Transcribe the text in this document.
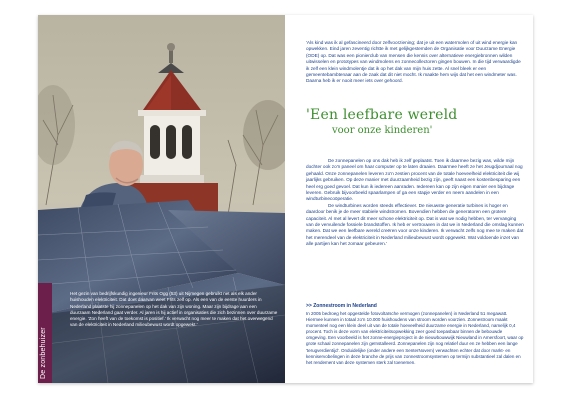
De zonbehuizer
Het gezin van bedrijfskundig ingenieur Frits Ogg (53) uit Nijmegen gebruikt net als elk ander huishouden elektriciteit. Dat doet daarvan weet Frits zelf op. Als een van de eerste huurders in Nederland plaatste hij zonnepanelen op het dak van zijn woning. Maar zijn bijdrage aan een duurzaam Nederland gaat verder. Al jaren is hij actief in organisaties die zich bezinnen over duurzame energie. 'Zon heeft van de toekomst is positief.' Ik verwacht nog meer te maken dat het overwegend van de elektriciteit in Nederland milieubewust wordt opgewekt.'
'Als kind was ik al gefascineerd door zelfvoorziening; dat je uit een watermolen of uit wind energie kan opwekken. Eind jaren zeventig richtte ik met gelijkgestemden de Organisatie voor Duurzame Energie (ODE) op. Dat was een pionierclub van mensen die kennis over alternatieve energiebronnen wilden uitwisselen en prototypes van windmolens en zonnecollectoren gingen bouwen. In die tijd verwaardigde ik zelf een klein windmolentje dat ik op het dak van mijn huis zette. Al snel bleek er een gemeentebambtenaar aan de zaak dat dit niet mocht. Ik maakte hem wijs dat het een windmeter was. Daarna heb ik er nooit meer iets over gehoord.
'Een leefbare wereld
voor onze kinderen'

De zonnepanelen op ons dak heb ik zelf geplaatst. Toen ik daarmee bezig was, wilde mijn dochter ook zo'n paneel om haar computer op te laten draaien. Daarmee heeft ze het Jeugdjournaal nog gehaald. Onze zonnepanelen leveren zo'n zestien procent van de totale hoeveelheid elektriciteit die wij jaarlijks gebruiken. Op deze manier met duurzaamheid bezig zijn, geeft naast een kostenbesparing een heel erg goed gevoel. Dat kun ik iedereen aanraden. Iedereen kan op zijn eigen manier een bijdrage leveren. Gebruik bijvoorbeeld spaarlampen of ga een stapje verder en neem aandelen in een windturbinecoöperatie.

De windturbines worden steeds effectiever. De nieuwste generatie turbines is hoger en daardoor benik je de meer stabiele windstromen. Bovendien hebben de generatoren een grotere capaciteit. Al met al levert dit meer schone elektriciteit op. Dat is wat we nodig hebben, ter vervanging van de vervuilende fossiele brandstoffen. Ik heb er vertrouwen in dat we in Nederland die omslag kunnen maken. Dat we een leefbare wereld creëren voor onze kinderen. Ik verwacht zelfs nog mee te maken dat het merendeel van de elektriciteit in Nederland milieubewust wordt opgewekt. Wat voldoende inzet van alle partijen kan het zomaar gebeuren.'

>> Zonnestroom in Nederland
In 2005 bedroeg het opgestelde fotovoltaïsche vermogen (zonnepanelen) in Nederland 51 megawatt. Hiermee kunnen in totaal zo'n 10.000 huishoudens van stroom worden voorzien. Zonnestroom maakt momenteel nog een klein deel uit van de totale hoeveelheid duurzame energie in Nederland, namelijk 0,4 procent. Toch is deze vorm van elektriciteitsopwekking zeer goed toepasbaar binnen de bebouwde omgeving. Een voorbeeld is het zonne-energieproject in de nieuwbouwwijk Nieuwland in Amersfoort, waar op grote schaal zonnepanelen zijn geïnstalleerd. Zonnepanelen zijn nog relatief duur en ze hebben een lange 'terugverdientijd'. Onduidelijke (onder andere een SenterNovem) verwachten echter dat door markt- en kenniservobelingen in deze branche de prijs van zonnestroomsystemen op termijn substantieel zal dalen en het rendement van deze systemen sterk zal toenemen.
